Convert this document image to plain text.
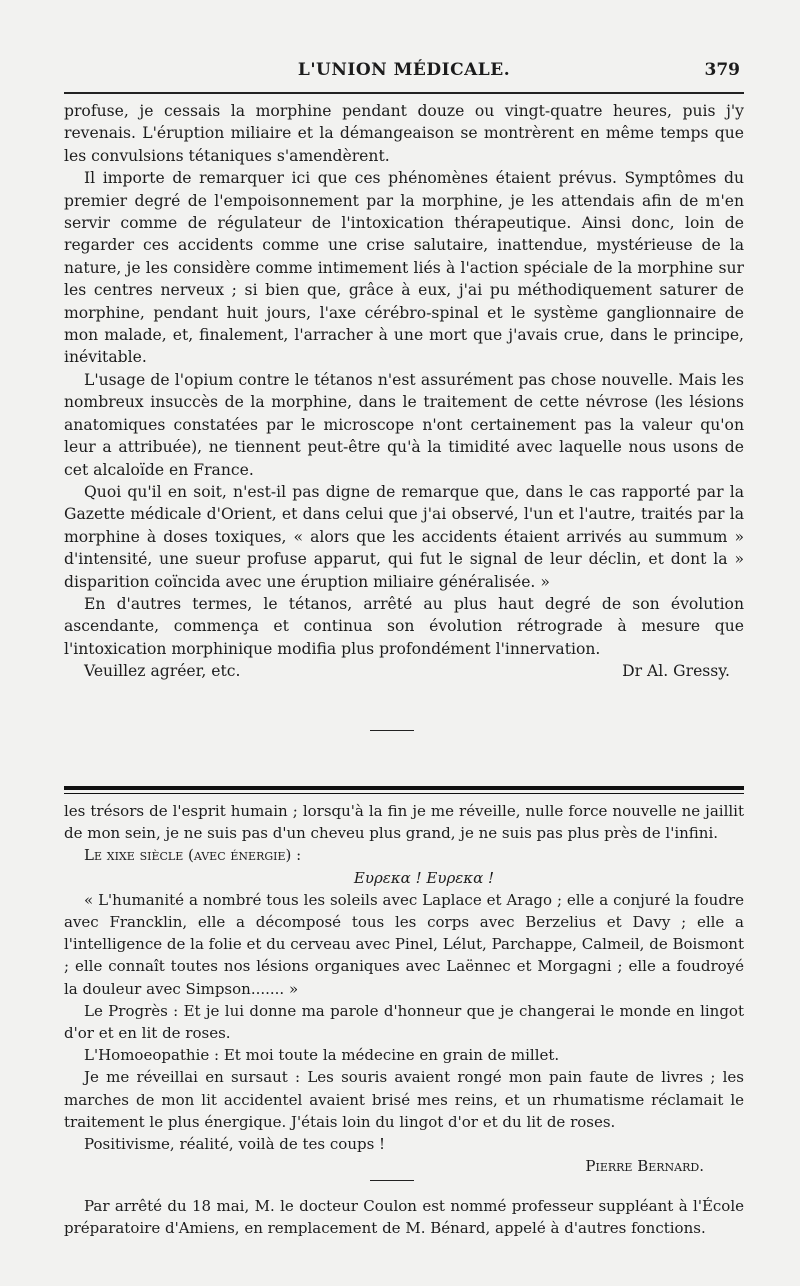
L'UNION MÉDICALE.	379

profuse, je cessais la morphine pendant douze ou vingt-quatre heures, puis j'y revenais. L'éruption miliaire et la démangeaison se montrèrent en même temps que les convulsions tétaniques s'amendèrent.

Il importe de remarquer ici que ces phénomènes étaient prévus. Symptômes du premier degré de l'empoisonnement par la morphine, je les attendais afin de m'en servir comme de régulateur de l'intoxication thérapeutique. Ainsi donc, loin de regarder ces accidents comme une crise salutaire, inattendue, mystérieuse de la nature, je les considère comme intimement liés à l'action spéciale de la morphine sur les centres nerveux ; si bien que, grâce à eux, j'ai pu méthodiquement saturer de morphine, pendant huit jours, l'axe cérébro-spinal et le système ganglionnaire de mon malade, et, finalement, l'arracher à une mort que j'avais crue, dans le principe, inévitable.

L'usage de l'opium contre le tétanos n'est assurément pas chose nouvelle. Mais les nombreux insuccès de la morphine, dans le traitement de cette névrose (les lésions anatomiques constatées par le microscope n'ont certainement pas la valeur qu'on leur a attribuée), ne tiennent peut-être qu'à la timidité avec laquelle nous usons de cet alcaloïde en France.

Quoi qu'il en soit, n'est-il pas digne de remarque que, dans le cas rapporté par la Gazette médicale d'Orient, et dans celui que j'ai observé, l'un et l'autre, traités par la morphine à doses toxiques, « alors que les accidents étaient arrivés au summum » d'intensité, une sueur profuse apparut, qui fut le signal de leur déclin, et dont la » disparition coïncida avec une éruption miliaire généralisée. »

En d'autres termes, le tétanos, arrêté au plus haut degré de son évolution ascendante, commença et continua son évolution rétrograde à mesure que l'intoxication morphinique modifia plus profondément l'innervation.

Veuillez agréer, etc.	Dr Al. Gressy.

les trésors de l'esprit humain ; lorsqu'à la fin je me réveille, nulle force nouvelle ne jaillit de mon sein, je ne suis pas d'un cheveu plus grand, je ne suis pas plus près de l'infini.

Le xixe siècle (avec énergie) :

Ευρεκα ! Ευρεκα !

« L'humanité a nombré tous les soleils avec Laplace et Arago ; elle a conjuré la foudre avec Francklin, elle a décomposé tous les corps avec Berzelius et Davy ; elle a l'intelligence de la folie et du cerveau avec Pinel, Lélut, Parchappe, Calmeil, de Boismont ; elle connaît toutes nos lésions organiques avec Laënnec et Morgagni ; elle a foudroyé la douleur avec Simpson....... »

Le Progrès : Et je lui donne ma parole d'honneur que je changerai le monde en lingot d'or et en lit de roses.

L'Homoeopathie : Et moi toute la médecine en grain de millet.

Je me réveillai en sursaut : Les souris avaient rongé mon pain faute de livres ; les marches de mon lit accidentel avaient brisé mes reins, et un rhumatisme réclamait le traitement le plus énergique. J'étais loin du lingot d'or et du lit de roses.

Positivisme, réalité, voilà de tes coups !

Pierre Bernard.

Par arrêté du 18 mai, M. le docteur Coulon est nommé professeur suppléant à l'École préparatoire d'Amiens, en remplacement de M. Bénard, appelé à d'autres fonctions.
